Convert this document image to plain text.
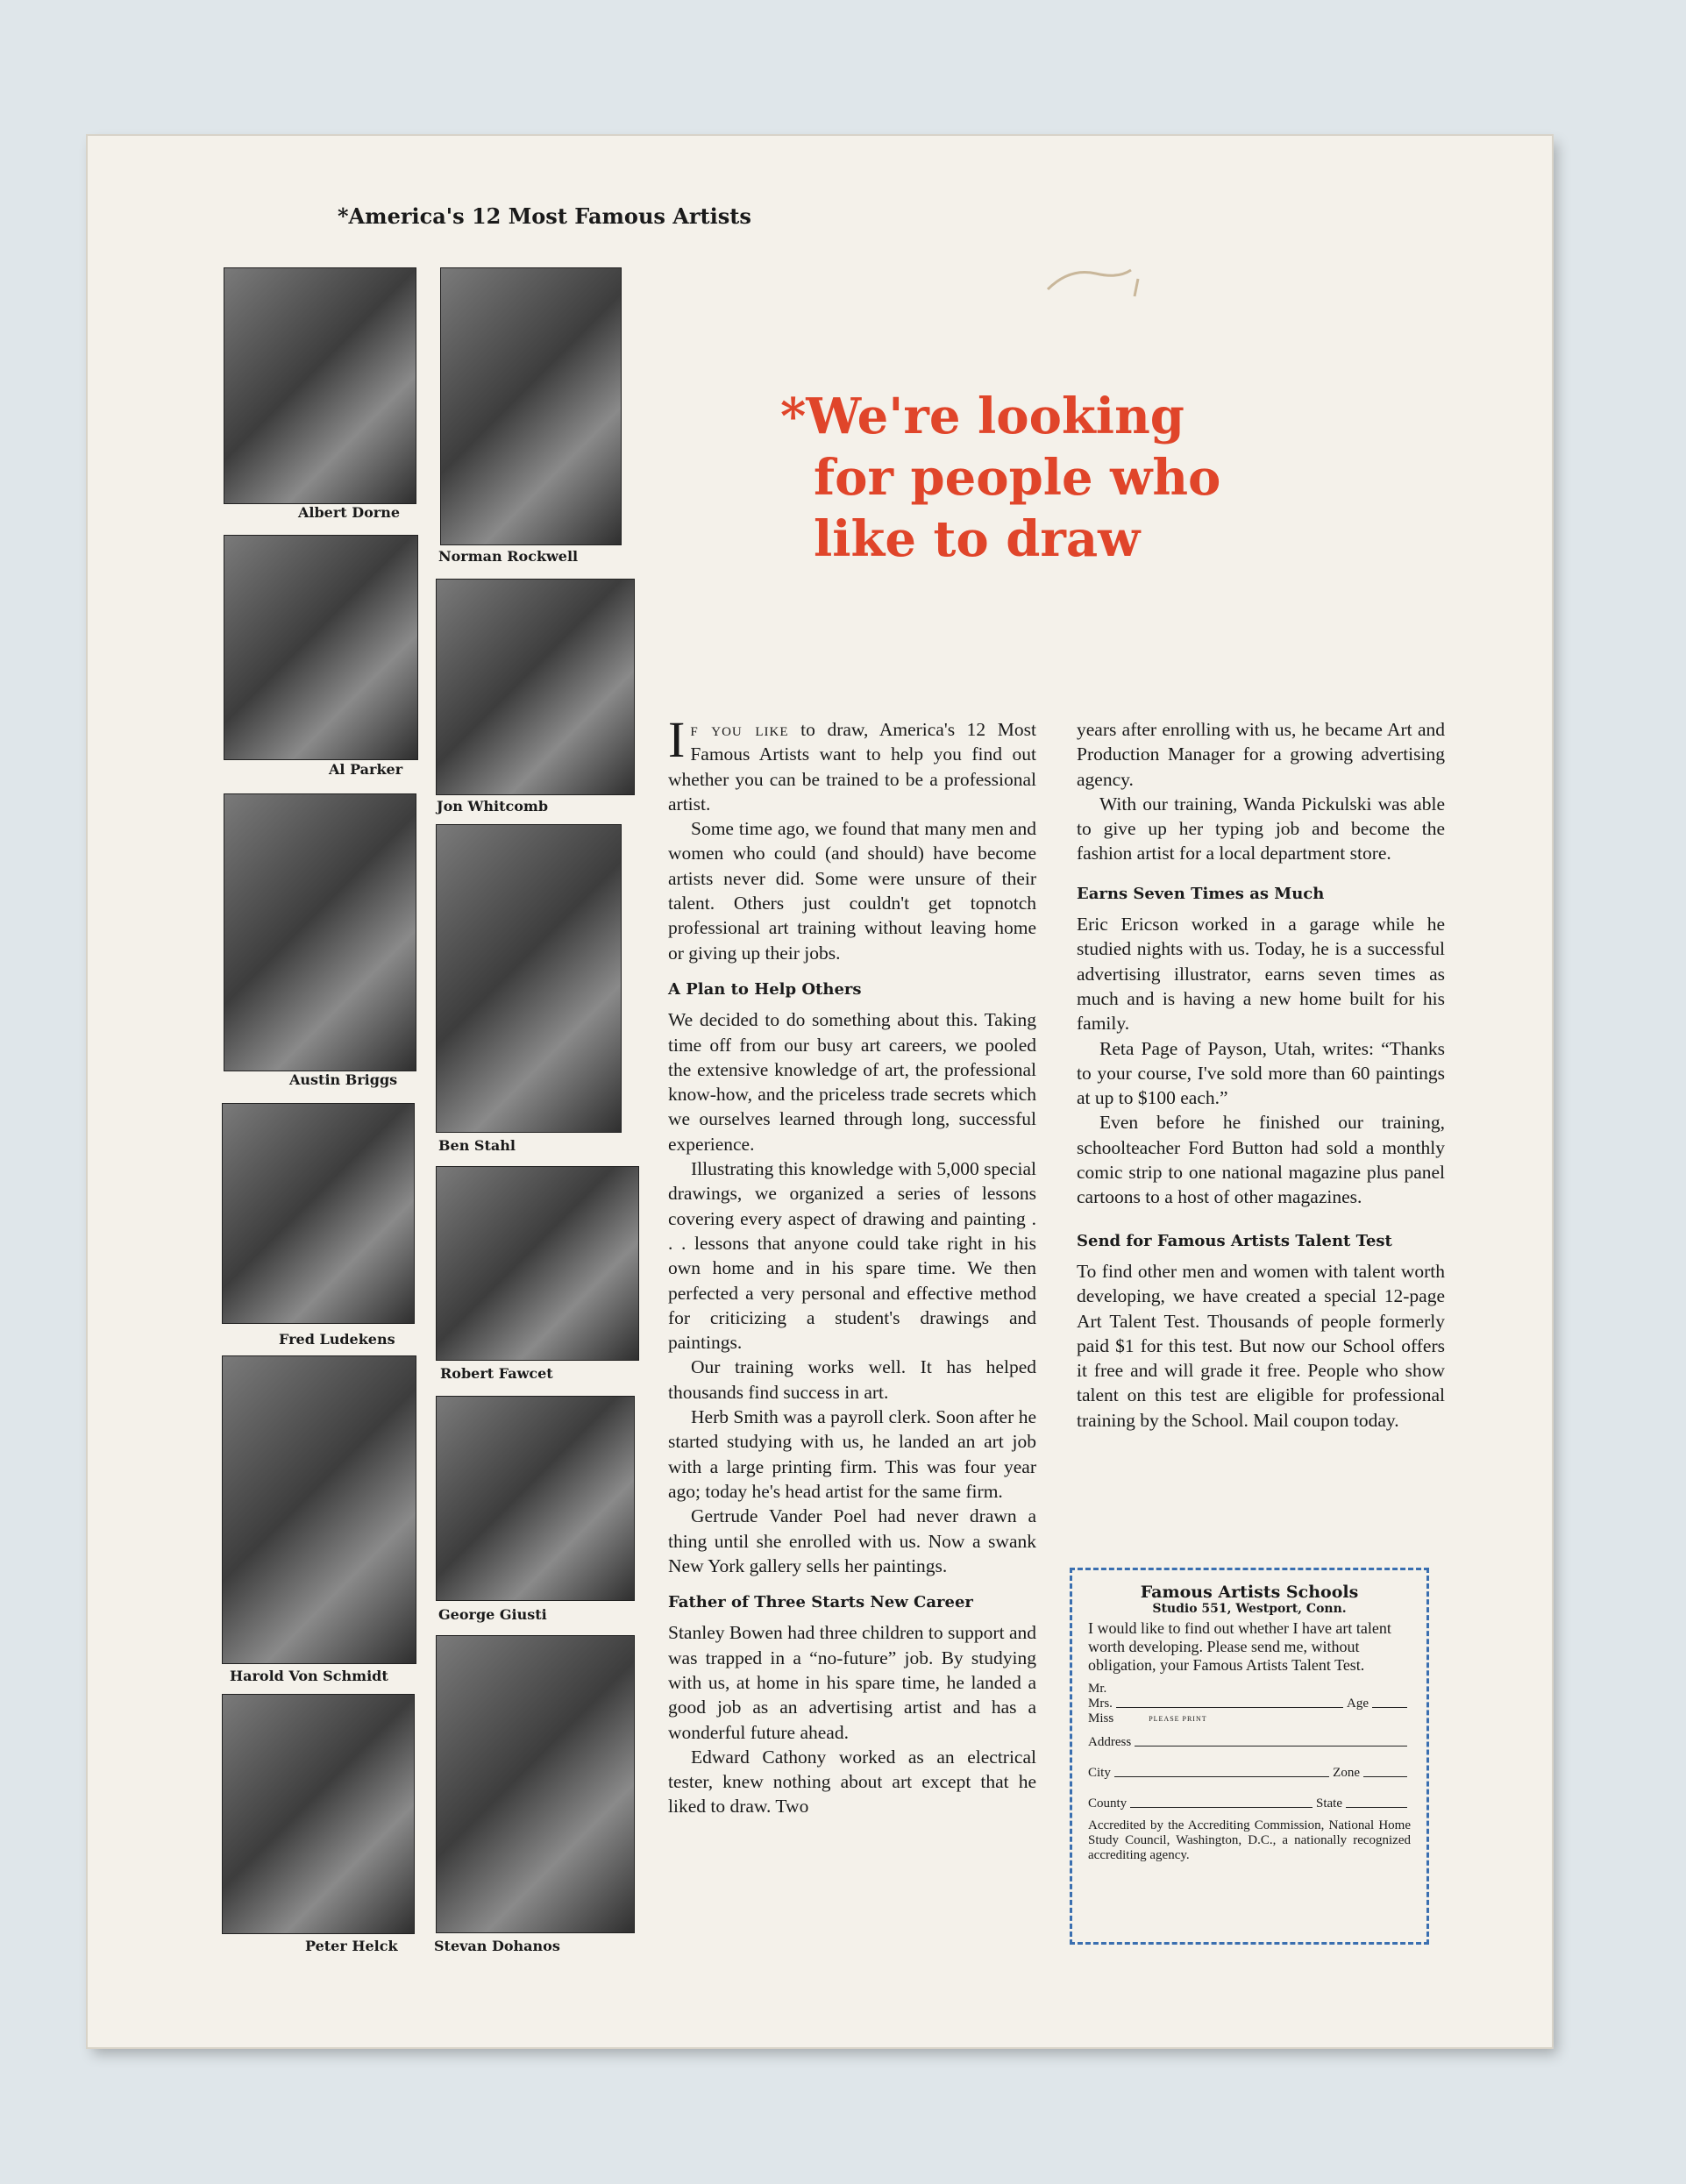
*America's 12 Most Famous Artists
Albert Dorne
Al Parker
Austin Briggs
Fred Ludekens
Harold Von Schmidt
Peter Helck
Norman Rockwell
Jon Whitcomb
Ben Stahl
Robert Fawcet
George Giusti
Stevan Dohanos
*We're looking
for people who
like to draw

If you like to draw, America's 12 Most Famous Artists want to help you find out whether you can be trained to be a professional artist.

Some time ago, we found that many men and women who could (and should) have become artists never did. Some were unsure of their talent. Others just couldn't get topnotch professional art training without leaving home or giving up their jobs.

A Plan to Help Others

We decided to do something about this. Taking time off from our busy art careers, we pooled the extensive knowledge of art, the professional know-how, and the priceless trade secrets which we ourselves learned through long, successful experience.

Illustrating this knowledge with 5,000 special drawings, we organized a series of lessons covering every aspect of drawing and painting . . . lessons that anyone could take right in his own home and in his spare time. We then perfected a very personal and effective method for criticizing a student's drawings and paintings.

Our training works well. It has helped thousands find success in art.

Herb Smith was a payroll clerk. Soon after he started studying with us, he landed an art job with a large printing firm. This was four year ago; today he's head artist for the same firm.

Gertrude Vander Poel had never drawn a thing until she enrolled with us. Now a swank New York gallery sells her paintings.

Father of Three Starts New Career

Stanley Bowen had three children to support and was trapped in a “no-future” job. By studying with us, at home in his spare time, he landed a good job as an advertising artist and has a wonderful future ahead.

Edward Cathony worked as an electrical tester, knew nothing about art except that he liked to draw. Two

years after enrolling with us, he became Art and Production Manager for a growing advertising agency.

With our training, Wanda Pickulski was able to give up her typing job and become the fashion artist for a local department store.

Earns Seven Times as Much

Eric Ericson worked in a garage while he studied nights with us. Today, he is a successful advertising illustrator, earns seven times as much and is having a new home built for his family.

Reta Page of Payson, Utah, writes: “Thanks to your course, I've sold more than 60 paintings at up to $100 each.”

Even before he finished our training, schoolteacher Ford Button had sold a monthly comic strip to one national magazine plus panel cartoons to a host of other magazines.

Send for Famous Artists Talent Test

To find other men and women with talent worth developing, we have created a special 12-page Art Talent Test. Thousands of people formerly paid $1 for this test. But now our School offers it free and will grade it free. People who show talent on this test are eligible for professional training by the School. Mail coupon today.

Famous Artists Schools
Studio 551, Westport, Conn.
I would like to find out whether I have art talent worth developing. Please send me, without obligation, your Famous Artists Talent Test.
Mr.
Mrs.	Age
Miss	PLEASE PRINT
Address
City	Zone
County	State
Accredited by the Accrediting Commission, National Home Study Council, Washington, D.C., a nationally recognized accrediting agency.
